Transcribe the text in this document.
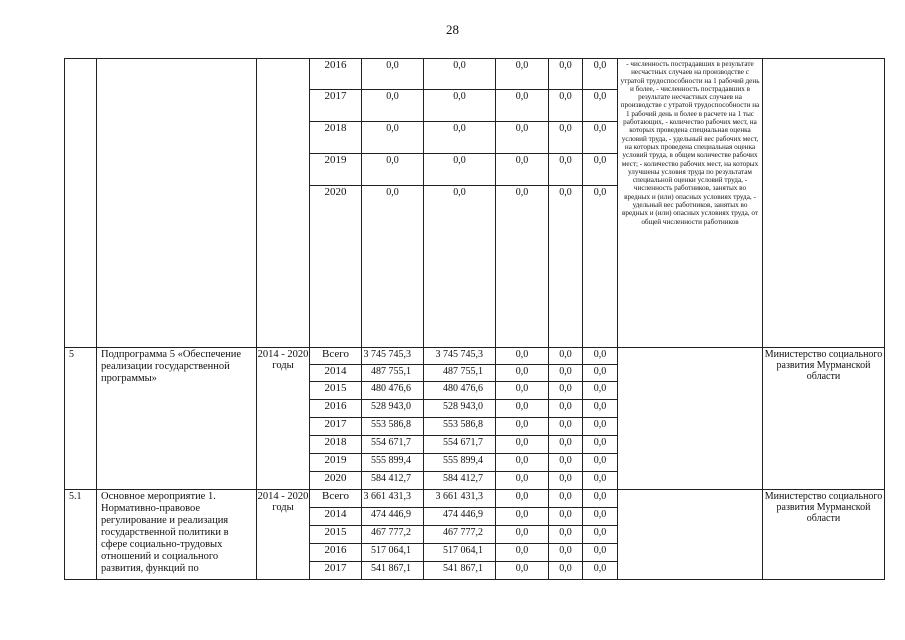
28
			2016	0,0	0,0	0,0	0,0	0,0	- численность пострадавших в результате несчастных случаев на производстве с утратой трудоспособности на 1 рабочий день и более, - численность пострадавших в результате несчастных случаев на производстве с утратой трудоспособности на 1 рабочий день и более в расчете на 1 тыс работающих, - количество рабочих мест, на которых проведена специальная оценка условий труда, - удельный вес рабочих мест, на которых проведена специальная оценка условий труда, в общем количестве рабочих мест; - количество рабочих мест, на которых улучшены условия труда по результатам специальной оценки условий труда, - численность работников, занятых во вредных и (или) опасных условиях труда, - удельный вес работников, занятых во вредных и (или) опасных условиях труда, от общей численности работников	
			2017	0,0	0,0	0,0	0,0	0,0		
			2018	0,0	0,0	0,0	0,0	0,0		
			2019	0,0	0,0	0,0	0,0	0,0		
			2020	0,0	0,0	0,0	0,0	0,0		
5	Подпрограмма 5 «Обеспечение реализации государственной программы»	2014 - 2020 годы	Всего	3 745 745,3	3 745 745,3	0,0	0,0	0,0		Министерство социального развития Мурманской области
			2014	487 755,1	487 755,1	0,0	0,0	0,0		
			2015	480 476,6	480 476,6	0,0	0,0	0,0		
			2016	528 943,0	528 943,0	0,0	0,0	0,0		
			2017	553 586,8	553 586,8	0,0	0,0	0,0		
			2018	554 671,7	554 671,7	0,0	0,0	0,0		
			2019	555 899,4	555 899,4	0,0	0,0	0,0		
			2020	584 412,7	584 412,7	0,0	0,0	0,0		
5.1	Основное мероприятие 1. Нормативно-правовое регулирование и реализация государственной политики в сфере социально-трудовых отношений и социального развития, функций по	2014 - 2020 годы	Всего	3 661 431,3	3 661 431,3	0,0	0,0	0,0		Министерство социального развития Мурманской области
			2014	474 446,9	474 446,9	0,0	0,0	0,0		
			2015	467 777,2	467 777,2	0,0	0,0	0,0		
			2016	517 064,1	517 064,1	0,0	0,0	0,0		
			2017	541 867,1	541 867,1	0,0	0,0	0,0		
